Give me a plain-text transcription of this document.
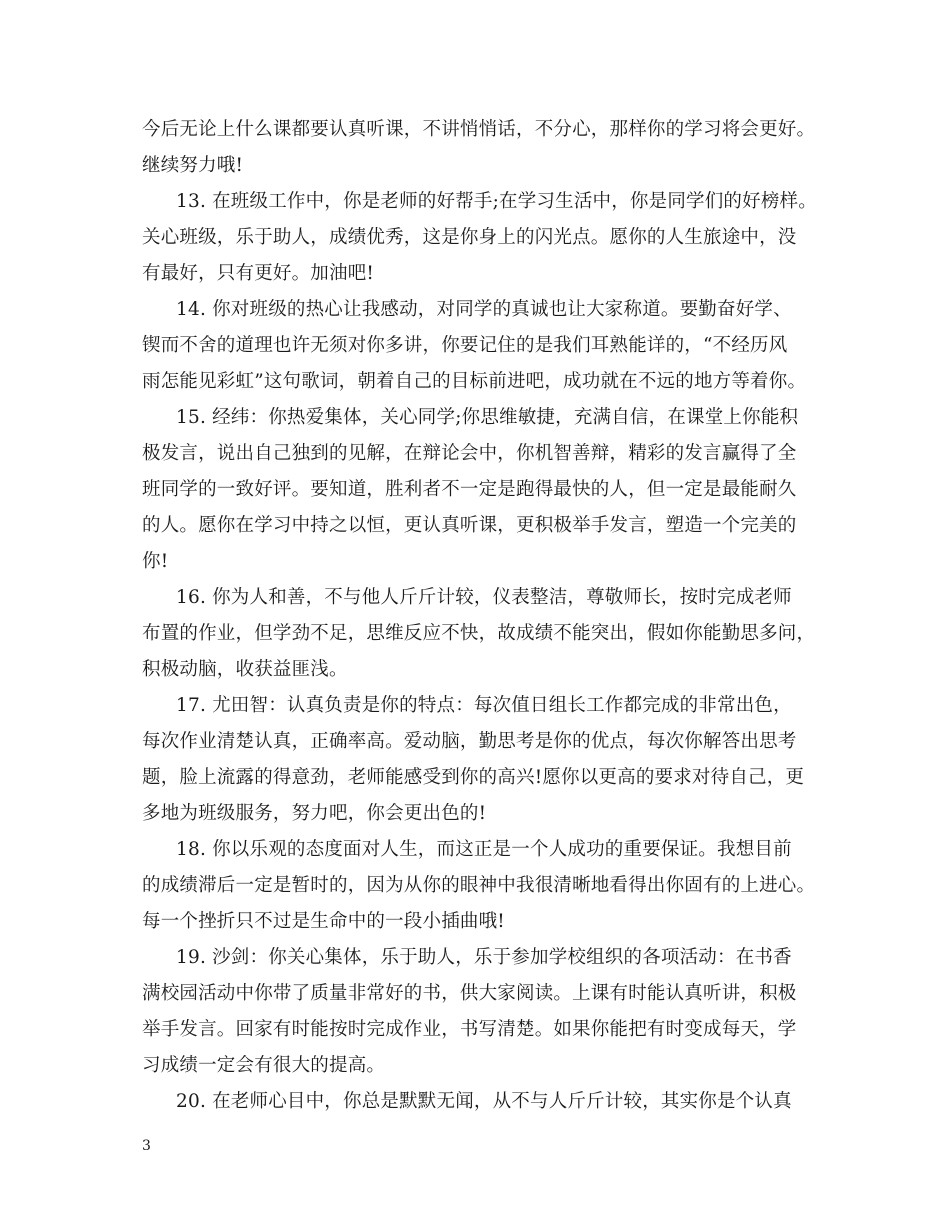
今后无论上什么课都要认真听课，不讲悄悄话，不分心，那样你的学习将会更好。
继续努力哦!
13. 在班级工作中，你是老师的好帮手;在学习生活中，你是同学们的好榜样。
关心班级，乐于助人，成绩优秀，这是你身上的闪光点。愿你的人生旅途中，没
有最好，只有更好。加油吧!
14. 你对班级的热心让我感动，对同学的真诚也让大家称道。要勤奋好学、
锲而不舍的道理也许无须对你多讲，你要记住的是我们耳熟能详的，“不经历风
雨怎能见彩虹”这句歌词，朝着自己的目标前进吧，成功就在不远的地方等着你。
15. 经纬：你热爱集体，关心同学;你思维敏捷，充满自信，在课堂上你能积
极发言，说出自己独到的见解，在辩论会中，你机智善辩，精彩的发言赢得了全
班同学的一致好评。要知道，胜利者不一定是跑得最快的人，但一定是最能耐久
的人。愿你在学习中持之以恒，更认真听课，更积极举手发言，塑造一个完美的
你!
16. 你为人和善，不与他人斤斤计较，仪表整洁，尊敬师长，按时完成老师
布置的作业，但学劲不足，思维反应不快，故成绩不能突出，假如你能勤思多问，
积极动脑，收获益匪浅。
17. 尤田智：认真负责是你的特点：每次值日组长工作都完成的非常出色，
每次作业清楚认真，正确率高。爱动脑，勤思考是你的优点，每次你解答出思考
题，脸上流露的得意劲，老师能感受到你的高兴!愿你以更高的要求对待自己，更
多地为班级服务，努力吧，你会更出色的!
18. 你以乐观的态度面对人生，而这正是一个人成功的重要保证。我想目前
的成绩滞后一定是暂时的，因为从你的眼神中我很清晰地看得出你固有的上进心。
每一个挫折只不过是生命中的一段小插曲哦!
19. 沙剑：你关心集体，乐于助人，乐于参加学校组织的各项活动：在书香
满校园活动中你带了质量非常好的书，供大家阅读。上课有时能认真听讲，积极
举手发言。回家有时能按时完成作业，书写清楚。如果你能把有时变成每天，学
习成绩一定会有很大的提高。
20. 在老师心目中，你总是默默无闻，从不与人斤斤计较，其实你是个认真
3
